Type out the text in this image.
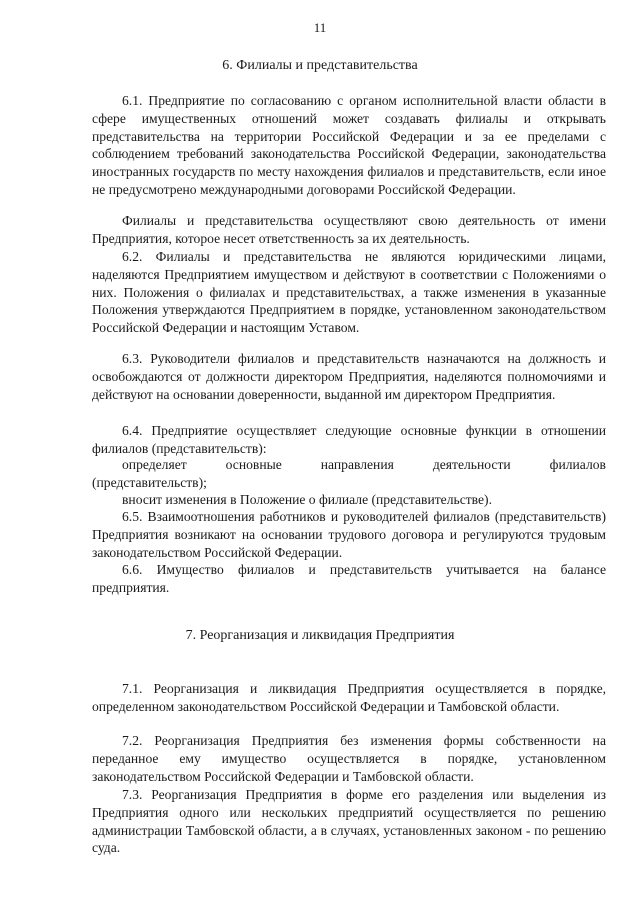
11
6. Филиалы и представительства
6.1. Предприятие по согласованию с органом исполнительной власти области в сфере имущественных отношений может создавать филиалы и открывать представительства на территории Российской Федерации и за ее пределами с соблюдением требований законодательства Российской Федерации, законодательства иностранных государств по месту нахождения филиалов и представительств, если иное не предусмотрено международными договорами Российской Федерации.
Филиалы и представительства осуществляют свою деятельность от имени Предприятия, которое несет ответственность за их деятельность.
6.2. Филиалы и представительства не являются юридическими лицами, наделяются Предприятием имуществом и действуют в соответствии с Положениями о них. Положения о филиалах и представительствах, а также изменения в указанные Положения утверждаются Предприятием в порядке, установленном законодательством Российской Федерации и настоящим Уставом.
6.3. Руководители филиалов и представительств назначаются на должность и освобождаются от должности директором Предприятия, наделяются полномочиями и действуют на основании доверенности, выданной им директором Предприятия.
6.4. Предприятие осуществляет следующие основные функции в отношении филиалов (представительств):
определяет	основные	направления	деятельности	филиалов
(представительств);
вносит изменения в Положение о филиале (представительстве).
6.5. Взаимоотношения работников и руководителей филиалов (представительств) Предприятия возникают на основании трудового договора и регулируются трудовым законодательством Российской Федерации.
6.6. Имущество филиалов и представительств учитывается на балансе предприятия.
7. Реорганизация и ликвидация Предприятия
7.1. Реорганизация и ликвидация Предприятия осуществляется в порядке, определенном законодательством Российской Федерации и Тамбовской области.
7.2. Реорганизация Предприятия без изменения формы собственности на переданное ему имущество осуществляется в порядке, установленном законодательством Российской Федерации и Тамбовской области.
7.3. Реорганизация Предприятия в форме его разделения или выделения из Предприятия одного или нескольких предприятий осуществляется по решению администрации Тамбовской области, а в случаях, установленных законом - по решению суда.
